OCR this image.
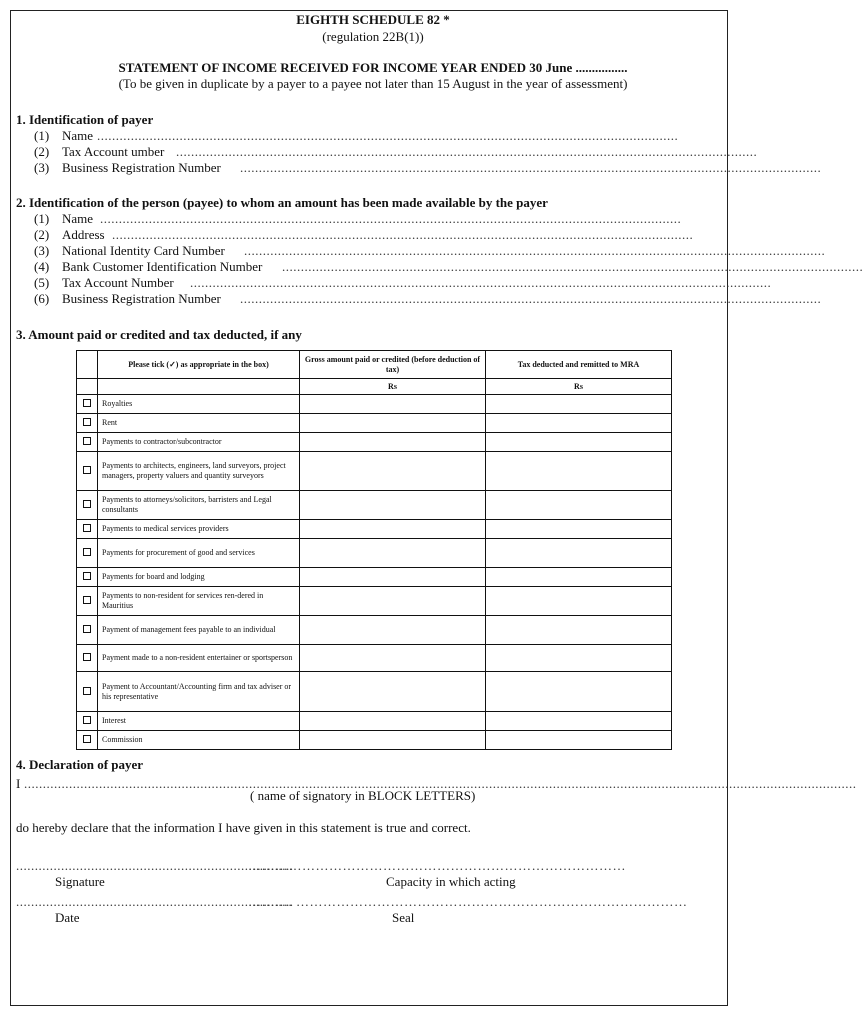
EIGHTH SCHEDULE 82 *
(regulation 22B(1))
STATEMENT OF INCOME RECEIVED FOR INCOME YEAR ENDED 30 June ................
(To be given in duplicate by a payer to a payee not later than 15 August in the year of assessment)
1. Identification of payer
(1) Name ...........................................................................................................................................................
(2) Tax Account umber ...........................................................................................................................................................
(3) Business Registration Number ...........................................................................................................................................................
2. Identification of the person (payee) to whom an amount has been made available by the payer
(1) Name ...........................................................................................................................................................
(2) Address ...........................................................................................................................................................
(3) National Identity Card Number ...........................................................................................................................................................
(4) Bank Customer Identification Number ...........................................................................................................................................................
(5) Tax Account Number ...........................................................................................................................................................
(6) Business Registration Number ...........................................................................................................................................................
3. Amount paid or credited and tax deducted, if any
	Please tick (✓) as appropriate in the box)	Gross amount paid or credited (before deduction of tax)	Tax deducted and remitted to MRA
		Rs	Rs
	Royalties		
	Rent		
	Payments to contractor/subcontractor		
	Payments to architects, engineers, land surveyors, project managers, property valuers and quantity surveyors		
	Payments to attorneys/solicitors, barristers and Legal consultants		
	Payments to medical services providers		
	Payments for procurement of good and services		
	Payments for board and lodging		
	Payments to non-resident for services ren-dered in Mauritius		
	Payment of management fees payable to an individual		
	Payment made to a non-resident entertainer or sportsperson		
	Payment to Accountant/Accounting firm and tax adviser or his representative		
	Interest		
	Commission		
4. Declaration of payer
I ..............................................................................................................................................................................................................................
( name of signatory in BLOCK LETTERS)
do hereby declare that the information I have given in this statement is true and correct.
..........................................................................
…………………………………………………………………………
Signature	Capacity in which acting
..........................................................................
………. ……………………………………………………………………………
Date	Seal
